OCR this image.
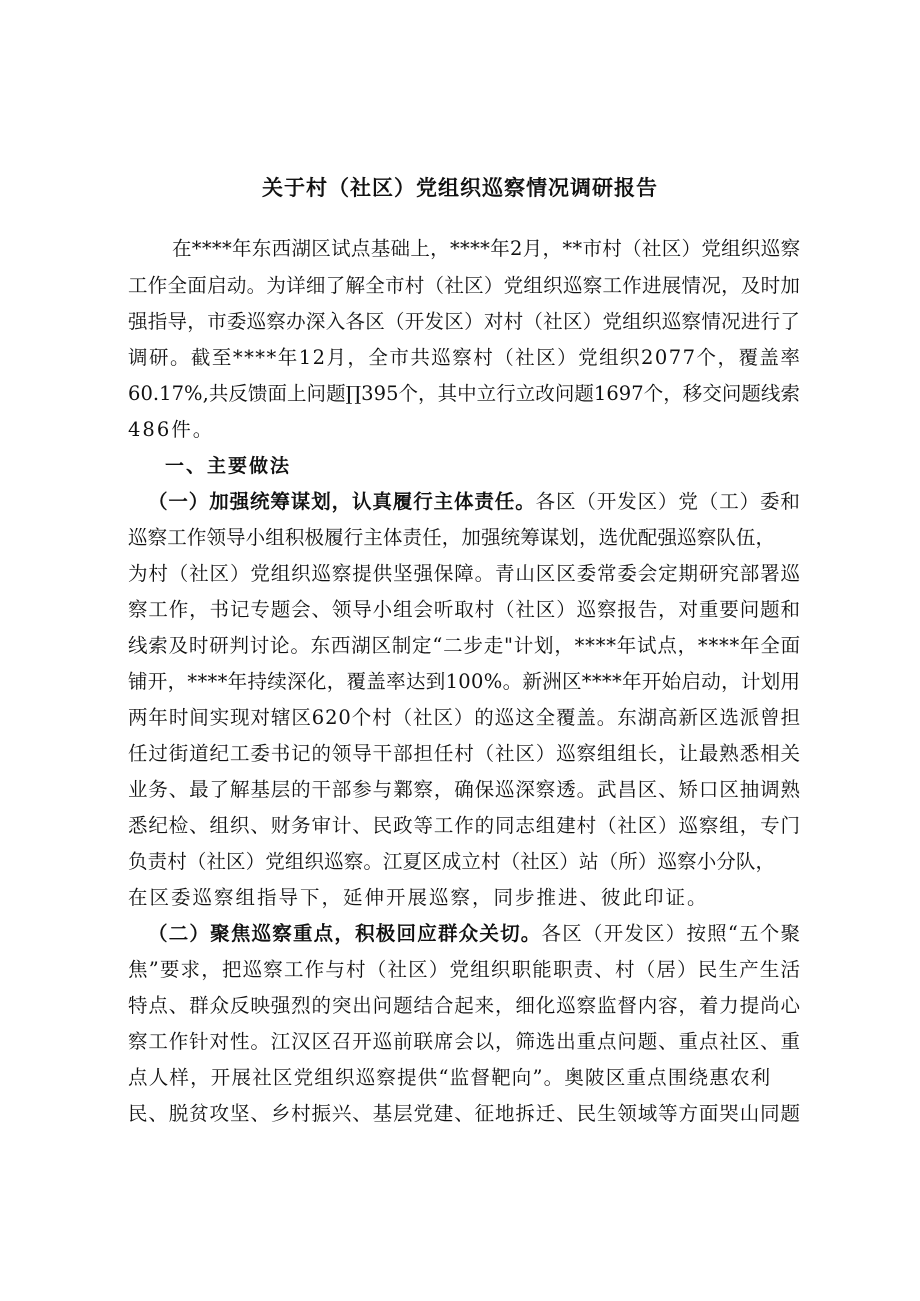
关于村（社区）党组织巡察情况调研报告
在****年东西湖区试点基础上，****年2月，**市村（社区）党组织巡察
工作全面启动。为详细了解全市村（社区）党组织巡察工作进展情况，及时加
强指导，市委巡察办深入各区（开发区）对村（社区）党组织巡察情况进行了
调研。截至****年12月，全市共巡察村（社区）党组织2077个，覆盖率
60.17%,共反馈面上问题∏395个，其中立行立改问题1697个，移交问题线索
486件。
一、主要做法
（一）加强统筹谋划，认真履行主体责任。各区（开发区）党（工）委和
巡察工作领导小组积极履行主体责任，加强统筹谋划，选优配强巡察队伍，
为村（社区）党组织巡察提供坚强保障。青山区区委常委会定期研究部署巡
察工作，书记专题会、领导小组会听取村（社区）巡察报告，对重要问题和
线索及时研判讨论。东西湖区制定“二步走"计划，****年试点，****年全面
铺开，****年持续深化，覆盖率达到100%。新洲区****年开始启动，计划用
两年时间实现对辖区620个村（社区）的巡这全覆盖。东湖高新区选派曾担
任过街道纪工委书记的领导干部担任村（社区）巡察组组长，让最熟悉相关
业务、最了解基层的干部参与鄴察，确保巡深察透。武昌区、矫口区抽调熟
悉纪检、组织、财务审计、民政等工作的同志组建村（社区）巡察组，专门
负责村（社区）党组织巡察。江夏区成立村（社区）站（所）巡察小分队，
在区委巡察组指导下，延伸开展巡察，同步推进、彼此印证。
（二）聚焦巡察重点，积极回应群众关切。各区（开发区）按照“五个聚
焦”要求，把巡察工作与村（社区）党组织职能职责、村（居）民生产生活
特点、群众反映强烈的突出问题结合起来，细化巡察监督内容，着力提尚心
察工作针对性。江汉区召开巡前联席会以，筛选出重点问题、重点社区、重
点人样，开展社区党组织巡察提供“监督靶向”。奥陂区重点围绕惠农利
民、脱贫攻坚、乡村振兴、基层党建、征地拆迁、民生领域等方面哭山同题
